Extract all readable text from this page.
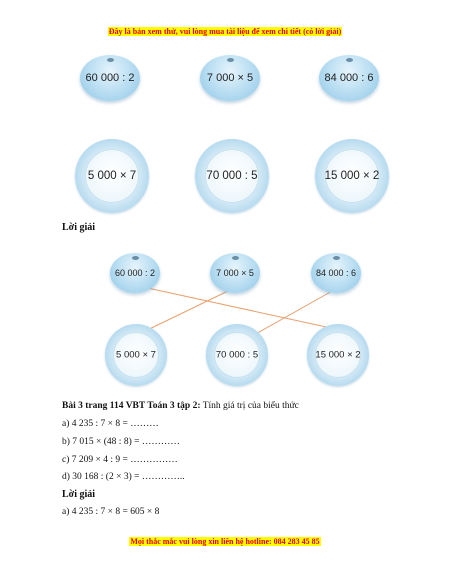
Đây là bản xem thử, vui lòng mua tài liệu để xem chi tiết (có lời giải)
60 000 : 2	7 000 × 5	84 000 : 6
5 000 × 7	70 000 : 5	15 000 × 2
Lời giải
60 000 : 2	7 000 × 5	84 000 : 6
5 000 × 7	70 000 : 5	15 000 × 2
Bài 3 trang 114 VBT Toán 3 tập 2: Tính giá trị của biểu thức
a) 4 235 : 7 × 8 = ………
b) 7 015 × (48 : 8) = …………
c) 7 209 × 4 : 9 = ……………
d) 30 168 : (2 × 3) = …………..
Lời giải
a) 4 235 : 7 × 8 = 605 × 8
Mọi thắc mắc vui lòng xin liên hệ hotline: 084 283 45 85
